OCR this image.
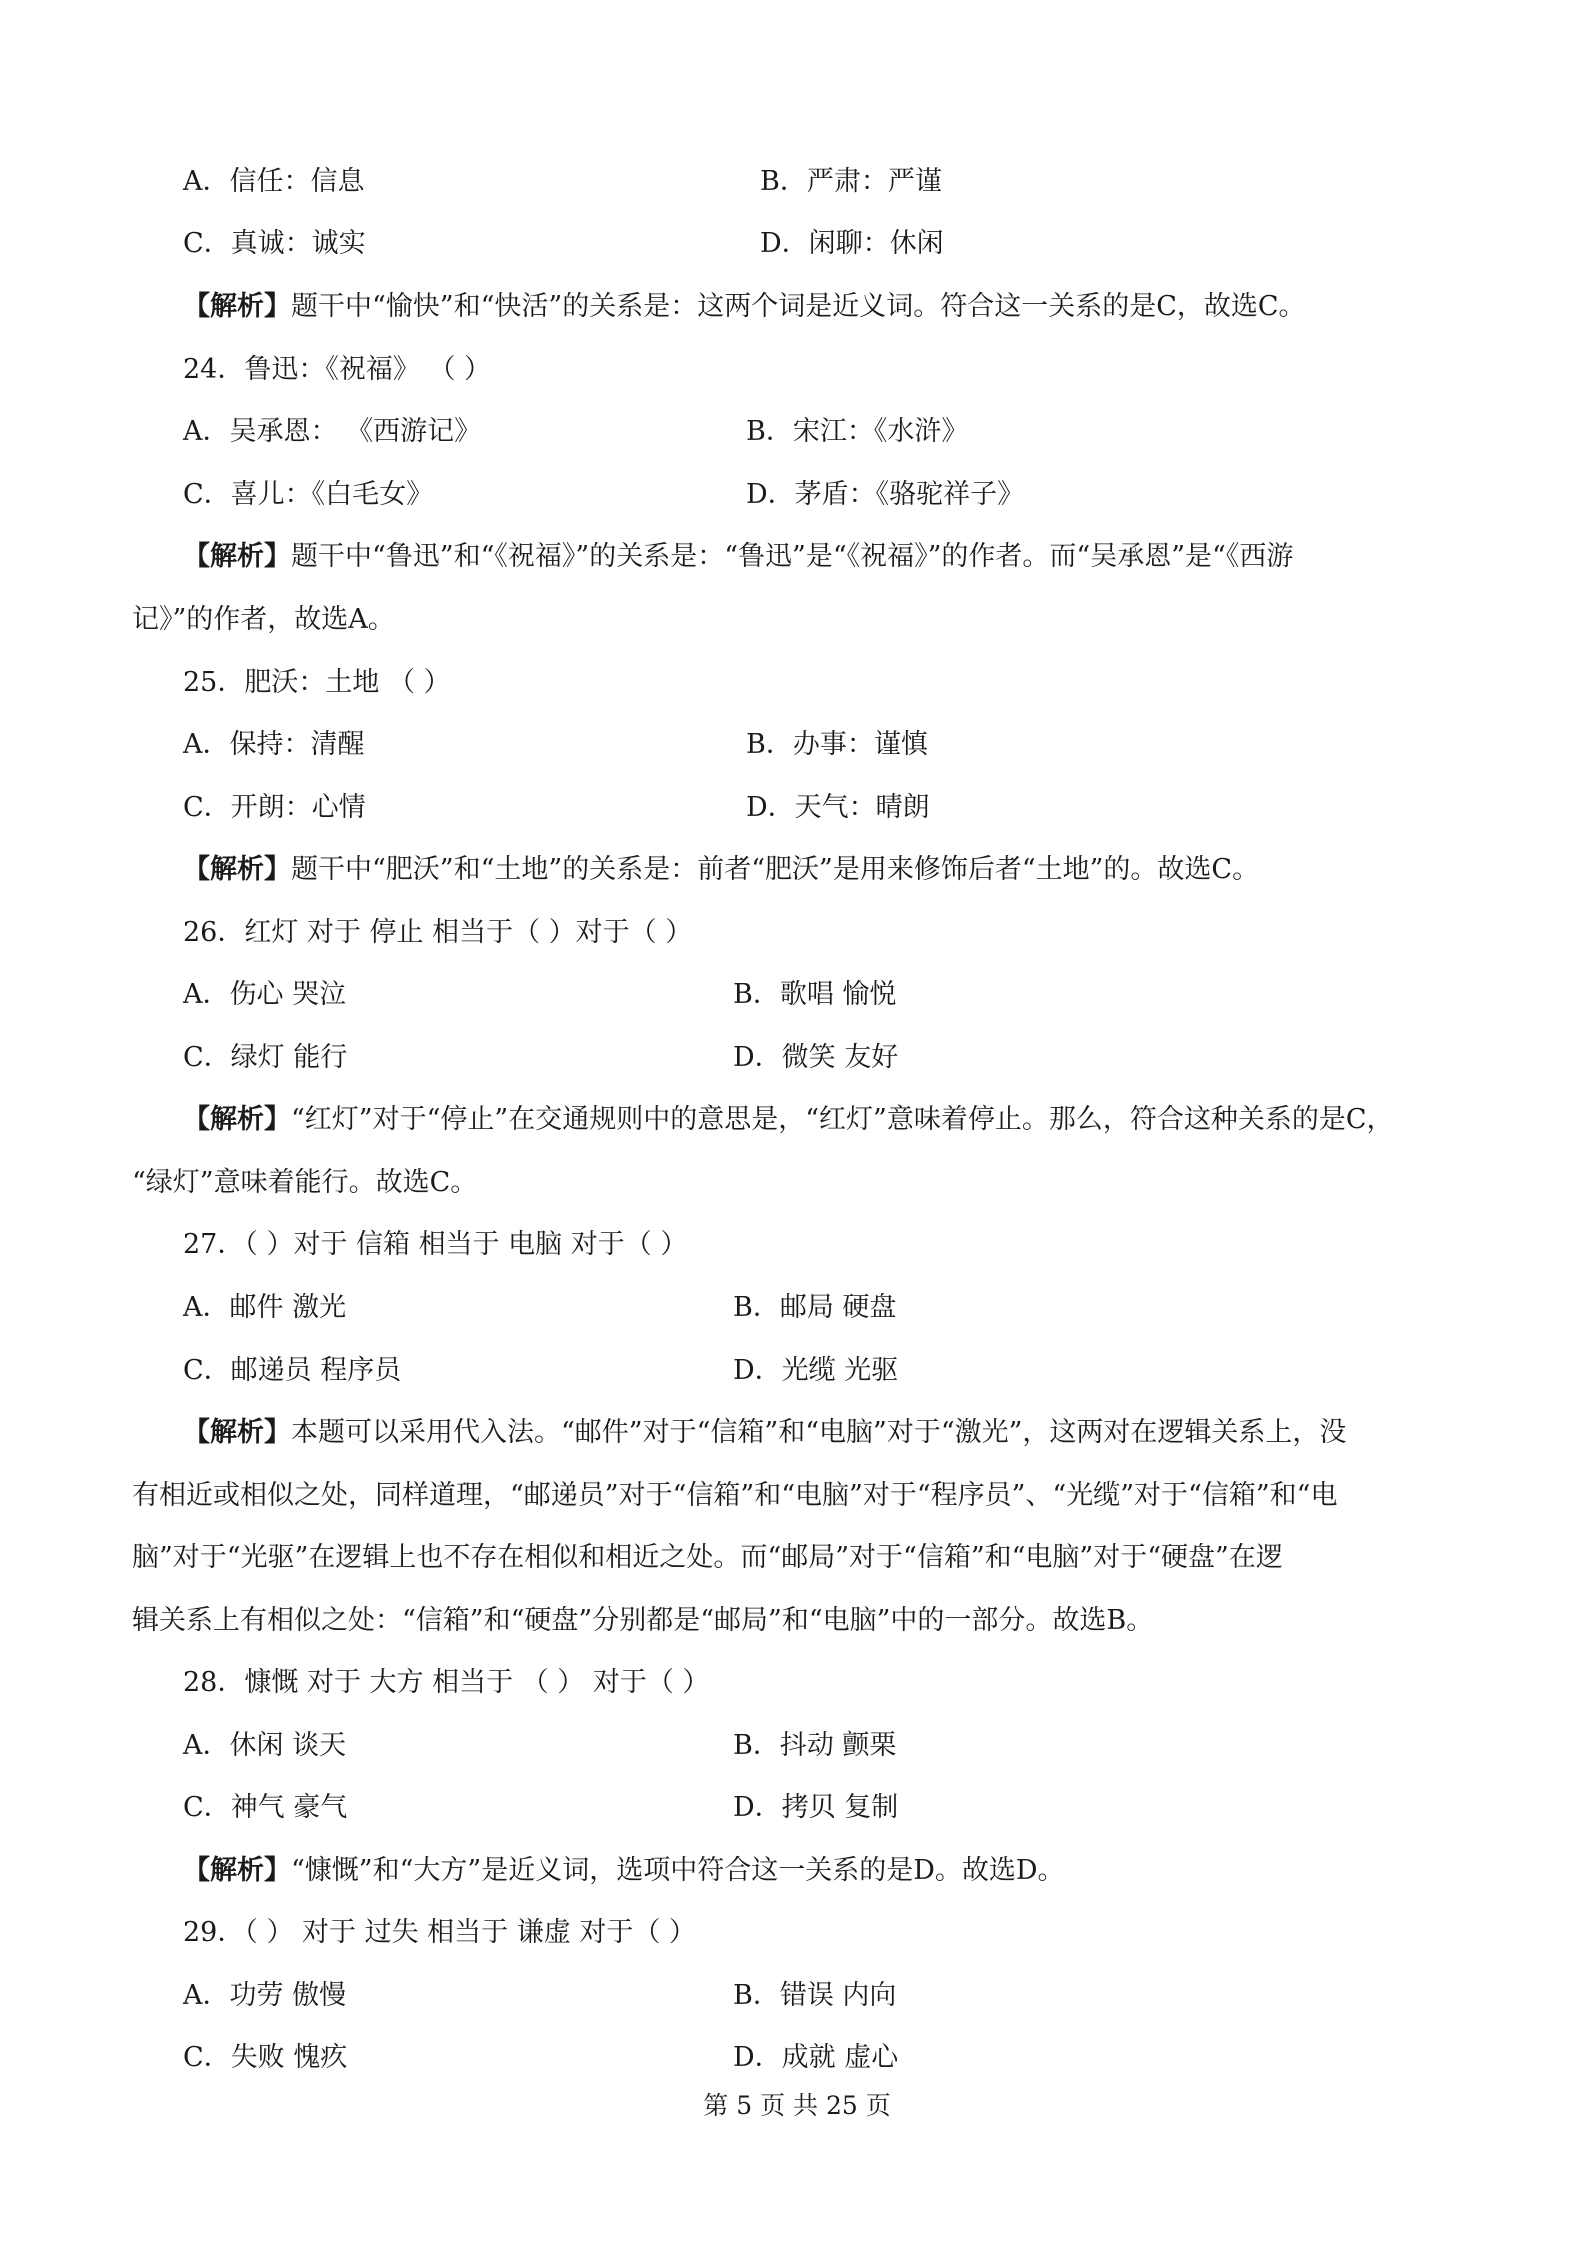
A．信任：信息	B．严肃：严谨
C．真诚：诚实	D．闲聊：休闲
【解析】题干中“愉快”和“快活”的关系是：这两个词是近义词。符合这一关系的是C，故选C。
24．鲁迅：《祝福》 （ ）
A．吴承恩： 《西游记》	B．宋江：《水浒》
C．喜儿：《白毛女》	D．茅盾：《骆驼祥子》
【解析】题干中“鲁迅”和“《祝福》”的关系是：“鲁迅”是“《祝福》”的作者。而“吴承恩”是“《西游
记》”的作者，故选A。
25．肥沃：土地 （ ）
A．保持：清醒	B．办事：谨慎
C．开朗：心情	D．天气：晴朗
【解析】题干中“肥沃”和“土地”的关系是：前者“肥沃”是用来修饰后者“土地”的。故选C。
26．红灯 对于 停止 相当于（ ）对于（ ）
A．伤心 哭泣	B．歌唱 愉悦
C．绿灯 能行	D．微笑 友好
【解析】“红灯”对于“停止”在交通规则中的意思是，“红灯”意味着停止。那么，符合这种关系的是C，
“绿灯”意味着能行。故选C。
27．（ ）对于 信箱 相当于 电脑 对于（ ）
A．邮件 激光	B．邮局 硬盘
C．邮递员 程序员	D．光缆 光驱
【解析】本题可以采用代入法。“邮件”对于“信箱”和“电脑”对于“激光”，这两对在逻辑关系上，没
有相近或相似之处，同样道理，“邮递员”对于“信箱”和“电脑”对于“程序员”、“光缆”对于“信箱”和“电
脑”对于“光驱”在逻辑上也不存在相似和相近之处。而“邮局”对于“信箱”和“电脑”对于“硬盘”在逻
辑关系上有相似之处：“信箱”和“硬盘”分别都是“邮局”和“电脑”中的一部分。故选B。
28．慷慨 对于 大方 相当于 （ ） 对于（ ）
A．休闲 谈天	B．抖动 颤栗
C．神气 豪气	D．拷贝 复制
【解析】“慷慨”和“大方”是近义词，选项中符合这一关系的是D。故选D。
29．（ ） 对于 过失 相当于 谦虚 对于（ ）
A．功劳 傲慢	B．错误 内向
C．失败 愧疚	D．成就 虚心
第 5 页 共 25 页
